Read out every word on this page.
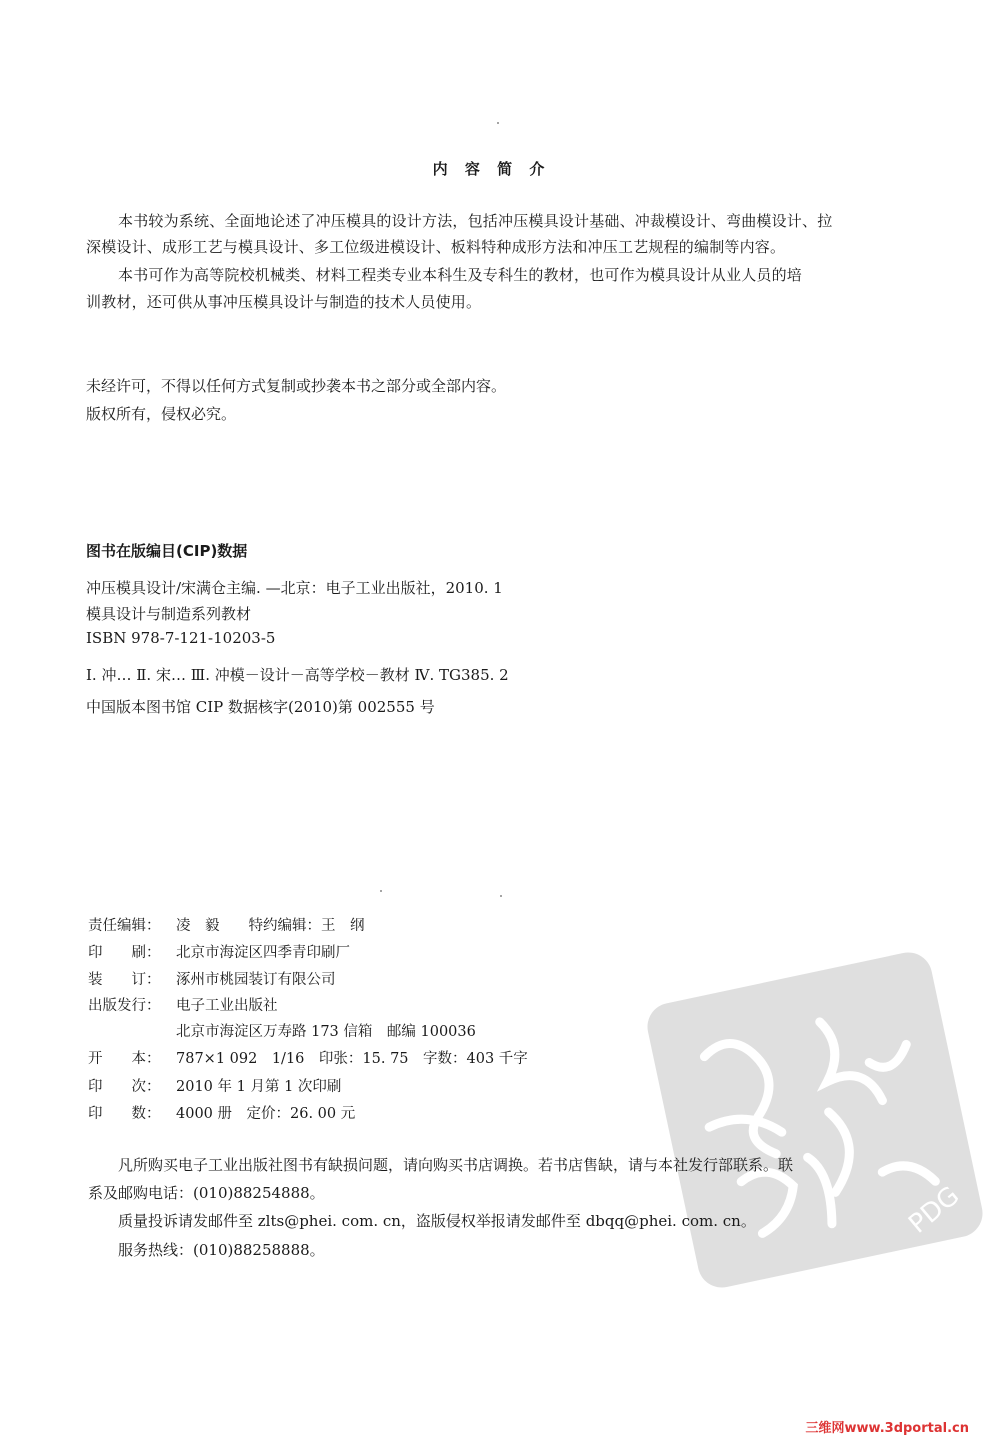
内 容 简 介
本书较为系统、全面地论述了冲压模具的设计方法，包括冲压模具设计基础、冲裁模设计、弯曲模设计、拉
深模设计、成形工艺与模具设计、多工位级进模设计、板料特种成形方法和冲压工艺规程的编制等内容。
本书可作为高等院校机械类、材料工程类专业本科生及专科生的教材，也可作为模具设计从业人员的培
训教材，还可供从事冲压模具设计与制造的技术人员使用。
未经许可，不得以任何方式复制或抄袭本书之部分或全部内容。
版权所有，侵权必究。
图书在版编目(CIP)数据
冲压模具设计/宋满仓主编. —北京：电子工业出版社，2010. 1
模具设计与制造系列教材
ISBN 978-7-121-10203-5
Ⅰ. 冲… Ⅱ. 宋… Ⅲ. 冲模－设计－高等学校－教材 Ⅳ. TG385. 2
中国版本图书馆 CIP 数据核字(2010)第 002555 号
责任编辑： 凌　毅　　特约编辑：王　纲
印　　刷： 北京市海淀区四季青印刷厂
装　　订： 涿州市桃园装订有限公司
出版发行： 电子工业出版社
北京市海淀区万寿路 173 信箱　邮编 100036
开　　本： 787×1 092　1/16　印张：15. 75　字数：403 千字
印　　次： 2010 年 1 月第 1 次印刷
印　　数： 4000 册　定价：26. 00 元
PDG
凡所购买电子工业出版社图书有缺损问题，请向购买书店调换。若书店售缺，请与本社发行部联系。联
系及邮购电话：(010)88254888。
质量投诉请发邮件至 zlts@phei. com. cn，盗版侵权举报请发邮件至 dbqq@phei. com. cn。
服务热线：(010)88258888。
三维网www.3dportal.cn
